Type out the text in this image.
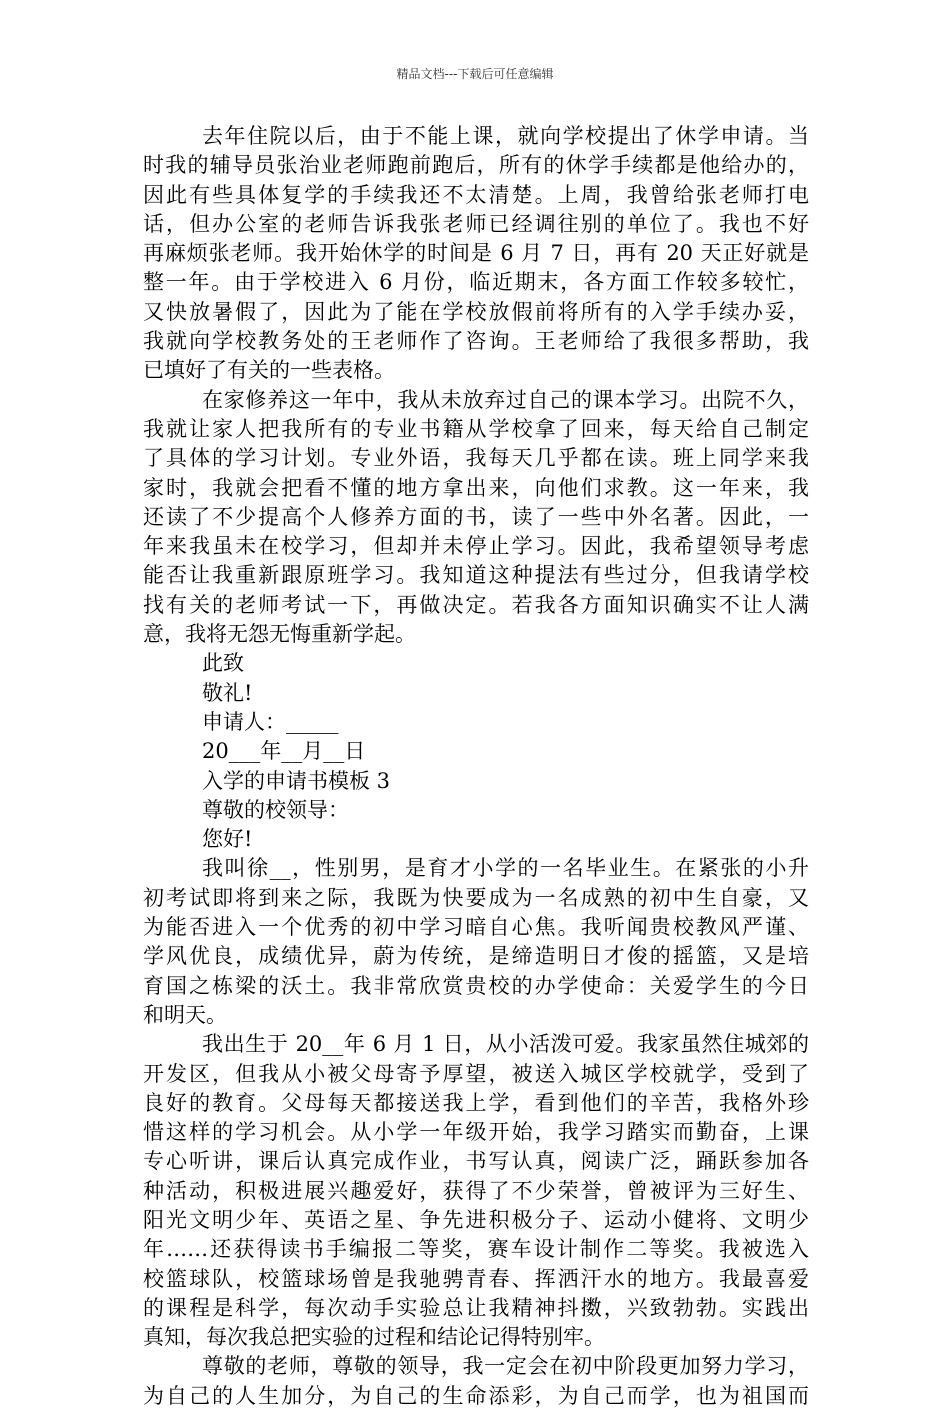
精品文档---下载后可任意编辑
去年住院以后，由于不能上课，就向学校提出了休学申请。当
时我的辅导员张治业老师跑前跑后，所有的休学手续都是他给办的，
因此有些具体复学的手续我还不太清楚。上周，我曾给张老师打电
话，但办公室的老师告诉我张老师已经调往别的单位了。我也不好
再麻烦张老师。我开始休学的时间是 6 月 7 日，再有 20 天正好就是
整一年。由于学校进入 6 月份，临近期末，各方面工作较多较忙，
又快放暑假了，因此为了能在学校放假前将所有的入学手续办妥，
我就向学校教务处的王老师作了咨询。王老师给了我很多帮助，我
已填好了有关的一些表格。
在家修养这一年中，我从未放弃过自己的课本学习。出院不久，
我就让家人把我所有的专业书籍从学校拿了回来，每天给自己制定
了具体的学习计划。专业外语，我每天几乎都在读。班上同学来我
家时，我就会把看不懂的地方拿出来，向他们求教。这一年来，我
还读了不少提高个人修养方面的书，读了一些中外名著。因此，一
年来我虽未在校学习，但却并未停止学习。因此，我希望领导考虑
能否让我重新跟原班学习。我知道这种提法有些过分，但我请学校
找有关的老师考试一下，再做决定。若我各方面知识确实不让人满
意，我将无怨无悔重新学起。
此致
敬礼!
申请人：_____
20___年__月__日
入学的申请书模板 3
尊敬的校领导：
您好!
我叫徐__，性别男，是育才小学的一名毕业生。在紧张的小升
初考试即将到来之际，我既为快要成为一名成熟的初中生自豪，又
为能否进入一个优秀的初中学习暗自心焦。我听闻贵校教风严谨、
学风优良，成绩优异，蔚为传统，是缔造明日才俊的摇篮，又是培
育国之栋梁的沃土。我非常欣赏贵校的办学使命：关爱学生的今日
和明天。
我出生于 20__年 6 月 1 日，从小活泼可爱。我家虽然住城郊的
开发区，但我从小被父母寄予厚望，被送入城区学校就学，受到了
良好的教育。父母每天都接送我上学，看到他们的辛苦，我格外珍
惜这样的学习机会。从小学一年级开始，我学习踏实而勤奋，上课
专心听讲，课后认真完成作业，书写认真，阅读广泛，踊跃参加各
种活动，积极进展兴趣爱好，获得了不少荣誉，曾被评为三好生、
阳光文明少年、英语之星、争先进积极分子、运动小健将、文明少
年……还获得读书手编报二等奖，赛车设计制作二等奖。我被选入
校篮球队，校篮球场曾是我驰骋青春、挥洒汗水的地方。我最喜爱
的课程是科学，每次动手实验总让我精神抖擞，兴致勃勃。实践出
真知，每次我总把实验的过程和结论记得特别牢。
尊敬的老师，尊敬的领导，我一定会在初中阶段更加努力学习，
为自己的人生加分，为自己的生命添彩，为自己而学，也为祖国而
